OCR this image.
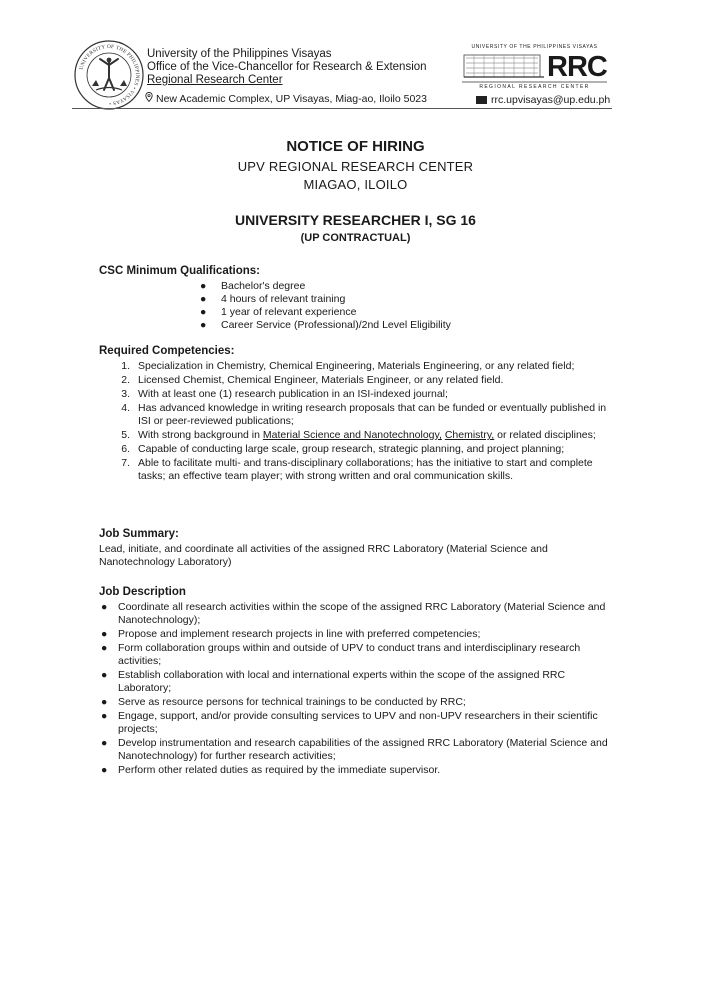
UNIVERSITY OF THE PHILIPPINES • VISAYAS •
University of the Philippines Visayas
Office of the Vice-Chancellor for Research & Extension
Regional Research Center
New Academic Complex, UP Visayas, Miag-ao, Iloilo 5023
UNIVERSITY OF THE PHILIPPINES VISAYAS
RRC
REGIONAL RESEARCH CENTER
rrc.upvisayas@up.edu.ph
NOTICE OF HIRING
UPV REGIONAL RESEARCH CENTER
MIAGAO, ILOILO
UNIVERSITY RESEARCHER I, SG 16
(UP CONTRACTUAL)
CSC Minimum Qualifications:
● Bachelor's degree
● 4 hours of relevant training
● 1 year of relevant experience
● Career Service (Professional)/2nd Level Eligibility
Required Competencies:
1. Specialization in Chemistry, Chemical Engineering, Materials Engineering, or any related field;
2. Licensed Chemist, Chemical Engineer, Materials Engineer, or any related field.
3. With at least one (1) research publication in an ISI-indexed journal;
4. Has advanced knowledge in writing research proposals that can be funded or eventually published in ISI or peer-reviewed publications;
5. With strong background in Material Science and Nanotechnology, Chemistry, or related disciplines;
6. Capable of conducting large scale, group research, strategic planning, and project planning;
7. Able to facilitate multi- and trans-disciplinary collaborations; has the initiative to start and complete tasks; an effective team player; with strong written and oral communication skills.
Job Summary:
Lead, initiate, and coordinate all activities of the assigned RRC Laboratory (Material Science and Nanotechnology Laboratory)
Job Description
● Coordinate all research activities within the scope of the assigned RRC Laboratory (Material Science and Nanotechnology);
● Propose and implement research projects in line with preferred competencies;
● Form collaboration groups within and outside of UPV to conduct trans and interdisciplinary research activities;
● Establish collaboration with local and international experts within the scope of the assigned RRC Laboratory;
● Serve as resource persons for technical trainings to be conducted by RRC;
● Engage, support, and/or provide consulting services to UPV and non-UPV researchers in their scientific projects;
● Develop instrumentation and research capabilities of the assigned RRC Laboratory (Material Science and Nanotechnology) for further research activities;
● Perform other related duties as required by the immediate supervisor.
